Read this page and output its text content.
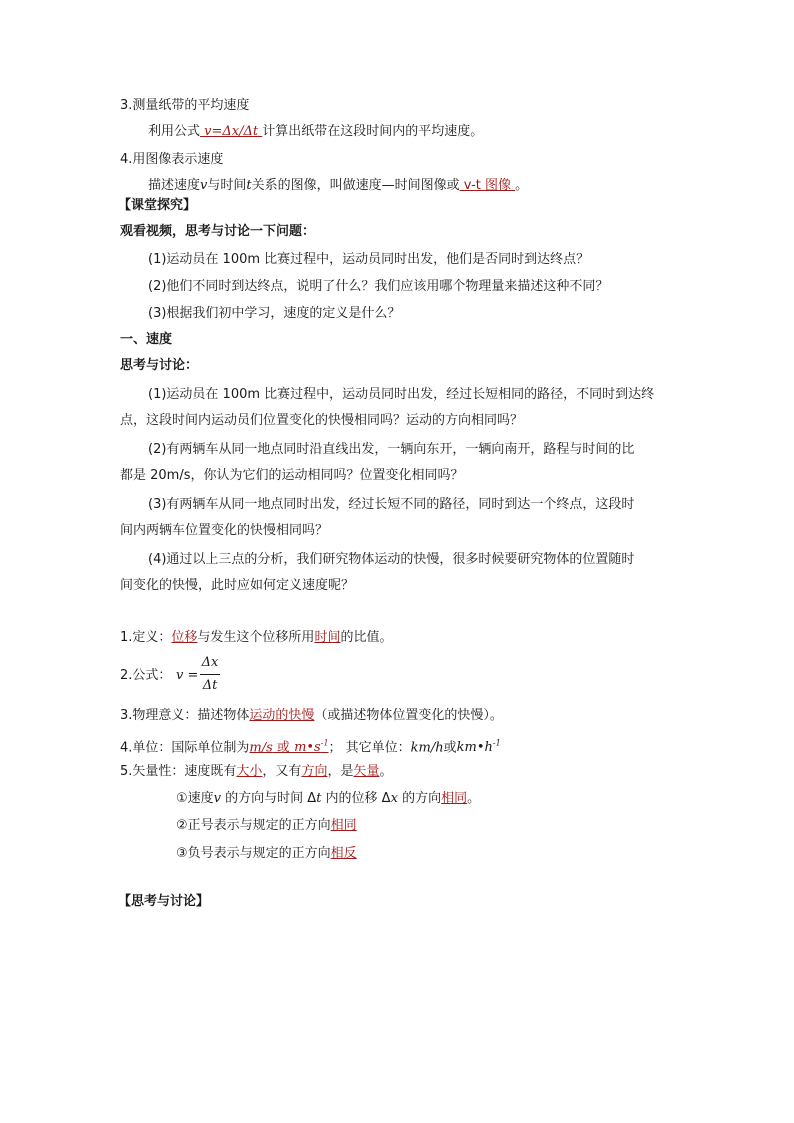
3.测量纸带的平均速度
利用公式 v=Δx/Δt 计算出纸带在这段时间内的平均速度。
4.用图像表示速度
描述速度v与时间t关系的图像，叫做速度—时间图像或 v-t 图像 。
【课堂探究】
观看视频，思考与讨论一下问题：
(1)运动员在 100m 比赛过程中，运动员同时出发，他们是否同时到达终点？
(2)他们不同时到达终点，说明了什么？我们应该用哪个物理量来描述这种不同？
(3)根据我们初中学习，速度的定义是什么？
一、速度
思考与讨论：
(1)运动员在 100m 比赛过程中，运动员同时出发，经过长短相同的路径，不同时到达终
点，这段时间内运动员们位置变化的快慢相同吗？运动的方向相同吗？
(2)有两辆车从同一地点同时沿直线出发，一辆向东开，一辆向南开，路程与时间的比
都是 20m/s，你认为它们的运动相同吗？位置变化相同吗？
(3)有两辆车从同一地点同时出发，经过长短不同的路径，同时到达一个终点，这段时
间内两辆车位置变化的快慢相同吗？
(4)通过以上三点的分析，我们研究物体运动的快慢，很多时候要研究物体的位置随时
间变化的快慢，此时应如何定义速度呢？
1.定义：位移与发生这个位移所用时间的比值。
2.公式： v =
Δx
Δt
3.物理意义：描述物体运动的快慢（或描述物体位置变化的快慢）。
4.单位：国际单位制为m/s 或 $m•s^{-1}$； 其它单位：km/h或$km•h^{-1}$
5.矢量性：速度既有大小，又有方向，是矢量。
①速度v 的方向与时间 Δt 内的位移 Δx 的方向相同。
②正号表示与规定的正方向相同
③负号表示与规定的正方向相反
【思考与讨论】
